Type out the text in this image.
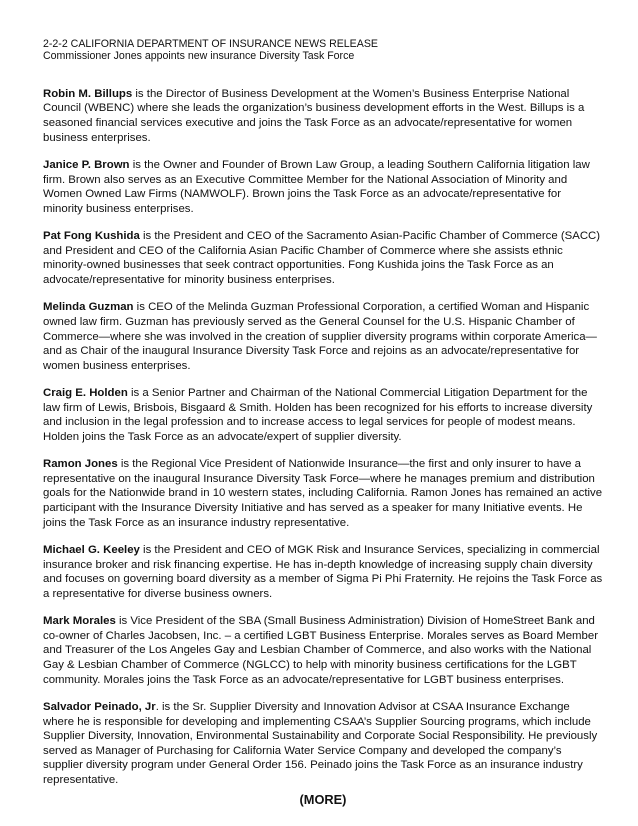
2-2-2 CALIFORNIA DEPARTMENT OF INSURANCE NEWS RELEASE

Commissioner Jones appoints new insurance Diversity Task Force

Robin M. Billups is the Director of Business Development at the Women’s Business Enterprise National Council (WBENC) where she leads the organization’s business development efforts in the West. Billups is a seasoned financial services executive and joins the Task Force as an advocate/representative for women business enterprises.

Janice P. Brown is the Owner and Founder of Brown Law Group, a leading Southern California litigation law firm. Brown also serves as an Executive Committee Member for the National Association of Minority and Women Owned Law Firms (NAMWOLF). Brown joins the Task Force as an advocate/representative for minority business enterprises.

Pat Fong Kushida is the President and CEO of the Sacramento Asian-Pacific Chamber of Commerce (SACC) and President and CEO of the California Asian Pacific Chamber of Commerce where she assists ethnic minority-owned businesses that seek contract opportunities. Fong Kushida joins the Task Force as an advocate/representative for minority business enterprises.

Melinda Guzman is CEO of the Melinda Guzman Professional Corporation, a certified Woman and Hispanic owned law firm. Guzman has previously served as the General Counsel for the U.S. Hispanic Chamber of Commerce—where she was involved in the creation of supplier diversity programs within corporate America—and as Chair of the inaugural Insurance Diversity Task Force and rejoins as an advocate/representative for women business enterprises.

Craig E. Holden is a Senior Partner and Chairman of the National Commercial Litigation Department for the law firm of Lewis, Brisbois, Bisgaard & Smith. Holden has been recognized for his efforts to increase diversity and inclusion in the legal profession and to increase access to legal services for people of modest means. Holden joins the Task Force as an advocate/expert of supplier diversity.

Ramon Jones is the Regional Vice President of Nationwide Insurance—the first and only insurer to have a representative on the inaugural Insurance Diversity Task Force—where he manages premium and distribution goals for the Nationwide brand in 10 western states, including California. Ramon Jones has remained an active participant with the Insurance Diversity Initiative and has served as a speaker for many Initiative events. He joins the Task Force as an insurance industry representative.

Michael G. Keeley is the President and CEO of MGK Risk and Insurance Services, specializing in commercial insurance broker and risk financing expertise. He has in-depth knowledge of increasing supply chain diversity and focuses on governing board diversity as a member of Sigma Pi Phi Fraternity. He rejoins the Task Force as a representative for diverse business owners.

Mark Morales is Vice President of the SBA (Small Business Administration) Division of HomeStreet Bank and co-owner of Charles Jacobsen, Inc. – a certified LGBT Business Enterprise. Morales serves as Board Member and Treasurer of the Los Angeles Gay and Lesbian Chamber of Commerce, and also works with the National Gay & Lesbian Chamber of Commerce (NGLCC) to help with minority business certifications for the LGBT community. Morales joins the Task Force as an advocate/representative for LGBT business enterprises.

Salvador Peinado, Jr. is the Sr. Supplier Diversity and Innovation Advisor at CSAA Insurance Exchange where he is responsible for developing and implementing CSAA’s Supplier Sourcing programs, which include Supplier Diversity, Innovation, Environmental Sustainability and Corporate Social Responsibility. He previously served as Manager of Purchasing for California Water Service Company and developed the company’s supplier diversity program under General Order 156. Peinado joins the Task Force as an insurance industry representative.

(MORE)
